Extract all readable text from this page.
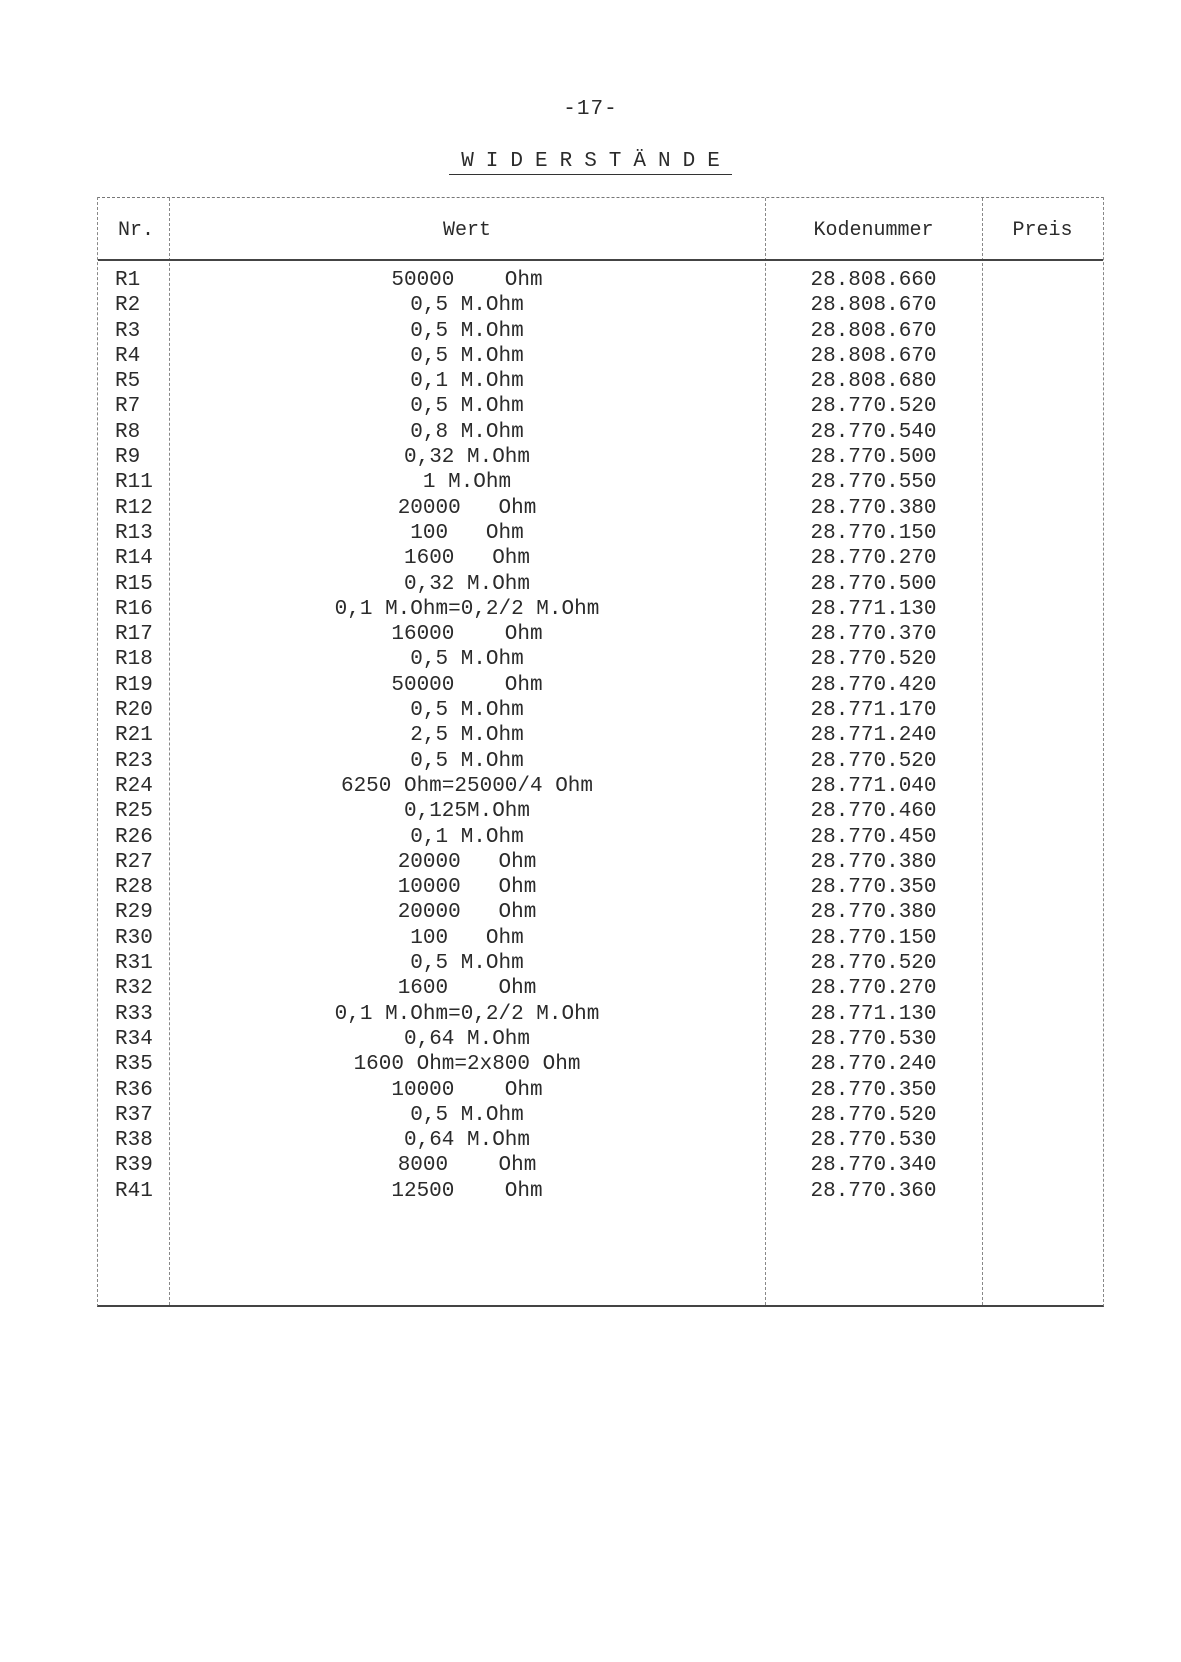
-17-
WIDERSTÄNDE
Nr.	Wert	Kodenummer	Preis
R1	50000    Ohm	28.808.660
R2	0,5 M.Ohm	28.808.670
R3	0,5 M.Ohm	28.808.670
R4	0,5 M.Ohm	28.808.670
R5	0,1 M.Ohm	28.808.680
R7	0,5 M.Ohm	28.770.520
R8	0,8 M.Ohm	28.770.540
R9	0,32 M.Ohm	28.770.500
R11	1 M.Ohm	28.770.550
R12	20000   Ohm	28.770.380
R13	100   Ohm	28.770.150
R14	1600   Ohm	28.770.270
R15	0,32 M.Ohm	28.770.500
R16	0,1 M.Ohm=0,2/2 M.Ohm	28.771.130
R17	16000    Ohm	28.770.370
R18	0,5 M.Ohm	28.770.520
R19	50000    Ohm	28.770.420
R20	0,5 M.Ohm	28.771.170
R21	2,5 M.Ohm	28.771.240
R23	0,5 M.Ohm	28.770.520
R24	6250 Ohm=25000/4 Ohm	28.771.040
R25	0,125M.Ohm	28.770.460
R26	0,1 M.Ohm	28.770.450
R27	20000   Ohm	28.770.380
R28	10000   Ohm	28.770.350
R29	20000   Ohm	28.770.380
R30	100   Ohm	28.770.150
R31	0,5 M.Ohm	28.770.520
R32	1600    Ohm	28.770.270
R33	0,1 M.Ohm=0,2/2 M.Ohm	28.771.130
R34	0,64 M.Ohm	28.770.530
R35	1600 Ohm=2x800 Ohm	28.770.240
R36	10000    Ohm	28.770.350
R37	0,5 M.Ohm	28.770.520
R38	0,64 M.Ohm	28.770.530
R39	8000    Ohm	28.770.340
R41	12500    Ohm	28.770.360
